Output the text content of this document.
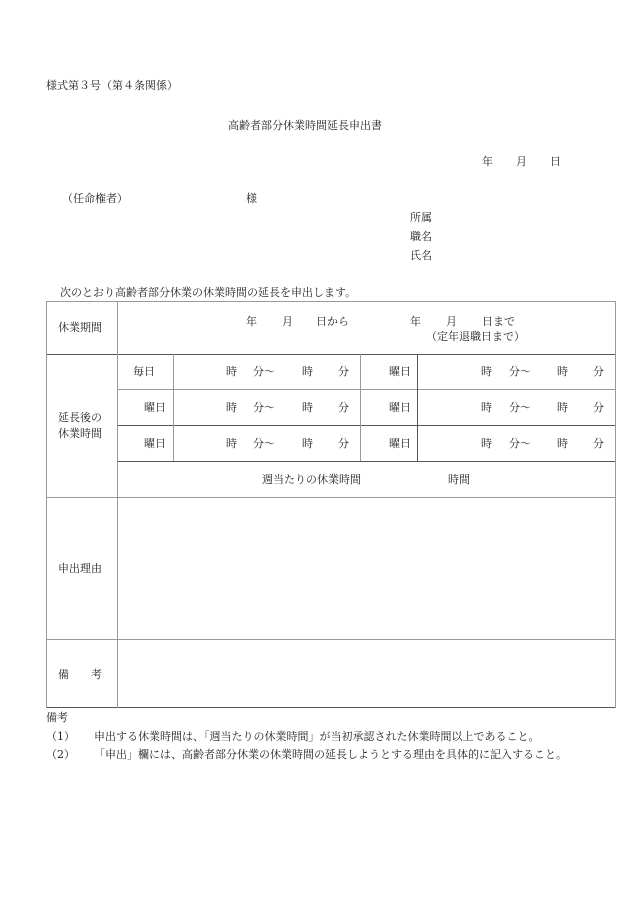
様式第３号（第４条関係）
高齢者部分休業時間延長申出書
年 月 日
（任命権者）	様
所属
職名
氏名
次のとおり高齢者部分休業の休業時間の延長を申出します。
休業期間	年 月 日から	年 月 日まで
（定年退職日まで）
延長後の
休業時間
毎日	時 分～ 時 分	曜日	時 分～ 時 分
曜日	時 分～ 時 分	曜日	時 分～ 時 分
曜日	時 分～ 時 分	曜日	時 分～ 時 分
週当たりの休業時間	時間
申出理由
備　　考
備考
（1） 申出する休業時間は、「週当たりの休業時間」が当初承認された休業時間以上であること。
（2） 「申出」欄には、高齢者部分休業の休業時間の延長しようとする理由を具体的に記入すること。
